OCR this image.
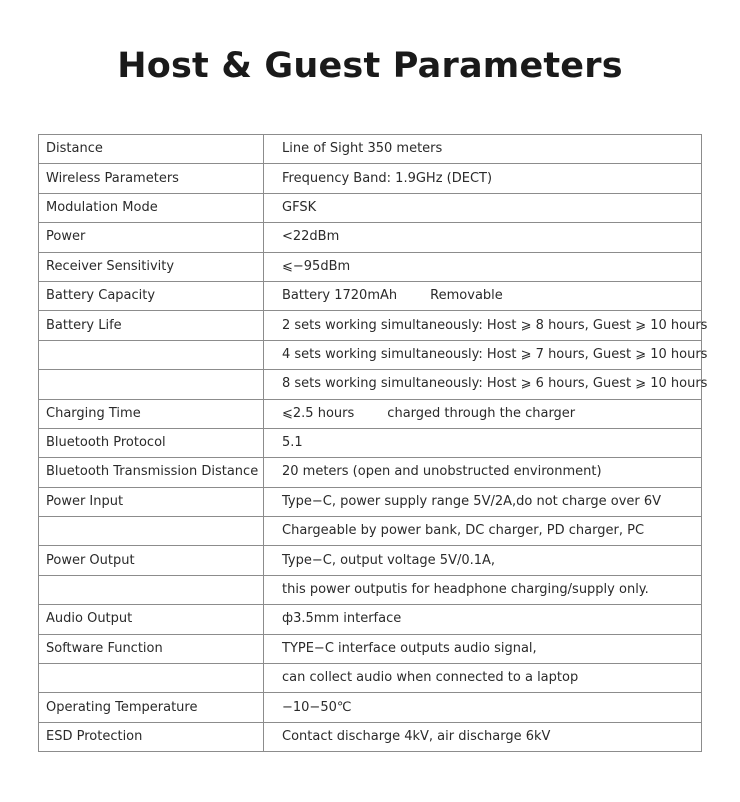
Host & Guest Parameters
Distance	Line of Sight 350 meters
Wireless Parameters	Frequency Band: 1.9GHz (DECT)
Modulation Mode	GFSK
Power	<22dBm
Receiver Sensitivity	⩽−95dBm
Battery Capacity	Battery 1720mAh        Removable
Battery Life	2 sets working simultaneously: Host ⩾ 8 hours, Guest ⩾ 10 hours
	4 sets working simultaneously: Host ⩾ 7 hours, Guest ⩾ 10 hours
	8 sets working simultaneously: Host ⩾ 6 hours, Guest ⩾ 10 hours
Charging Time	⩽2.5 hours        charged through the charger
Bluetooth Protocol	5.1
Bluetooth Transmission Distance	20 meters (open and unobstructed environment)
Power Input	Type−C, power supply range 5V/2A,do not charge over 6V
	Chargeable by power bank, DC charger, PD charger, PC
Power Output	Type−C, output voltage 5V/0.1A,
	this power outputis for headphone charging/supply only.
Audio Output	ф3.5mm interface
Software Function	TYPE−C interface outputs audio signal,
	can collect audio when connected to a laptop
Operating Temperature	−10−50℃
ESD Protection	Contact discharge 4kV, air discharge 6kV
